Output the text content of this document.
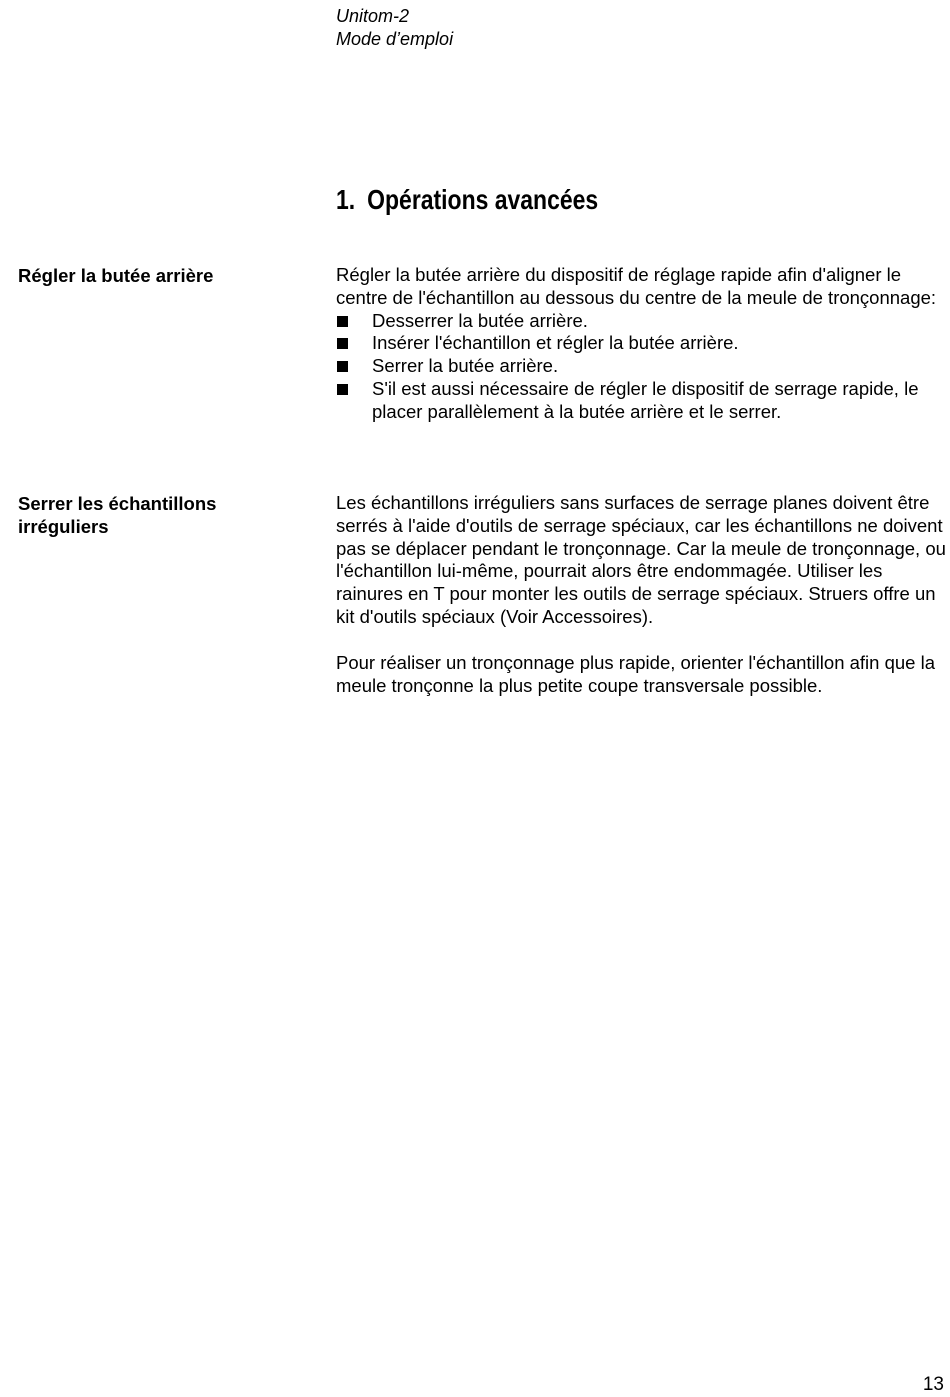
Unitom-2
Mode d’emploi
1. Opérations avancées
Régler la butée arrière	Régler la butée arrière du dispositif de réglage rapide afin d'aligner le centre de l'échantillon au dessous du centre de la meule de tronçonnage:

Desserrer la butée arrière.
Insérer l'échantillon et régler la butée arrière.
Serrer la butée arrière.
S'il est aussi nécessaire de régler le dispositif de serrage rapide, le placer parallèlement à la butée arrière et le serrer.
Serrer les échantillons irréguliers

Les échantillons irréguliers sans surfaces de serrage planes doivent être serrés à l'aide d'outils de serrage spéciaux, car les échantillons ne doivent pas se déplacer pendant le tronçonnage. Car la meule de tronçonnage, ou l'échantillon lui-même, pourrait alors être endommagée. Utiliser les rainures en T pour monter les outils de serrage spéciaux. Struers offre un kit d'outils spéciaux (Voir Accessoires).

Pour réaliser un tronçonnage plus rapide, orienter l'échantillon afin que la meule tronçonne la plus petite coupe transversale possible.

13
